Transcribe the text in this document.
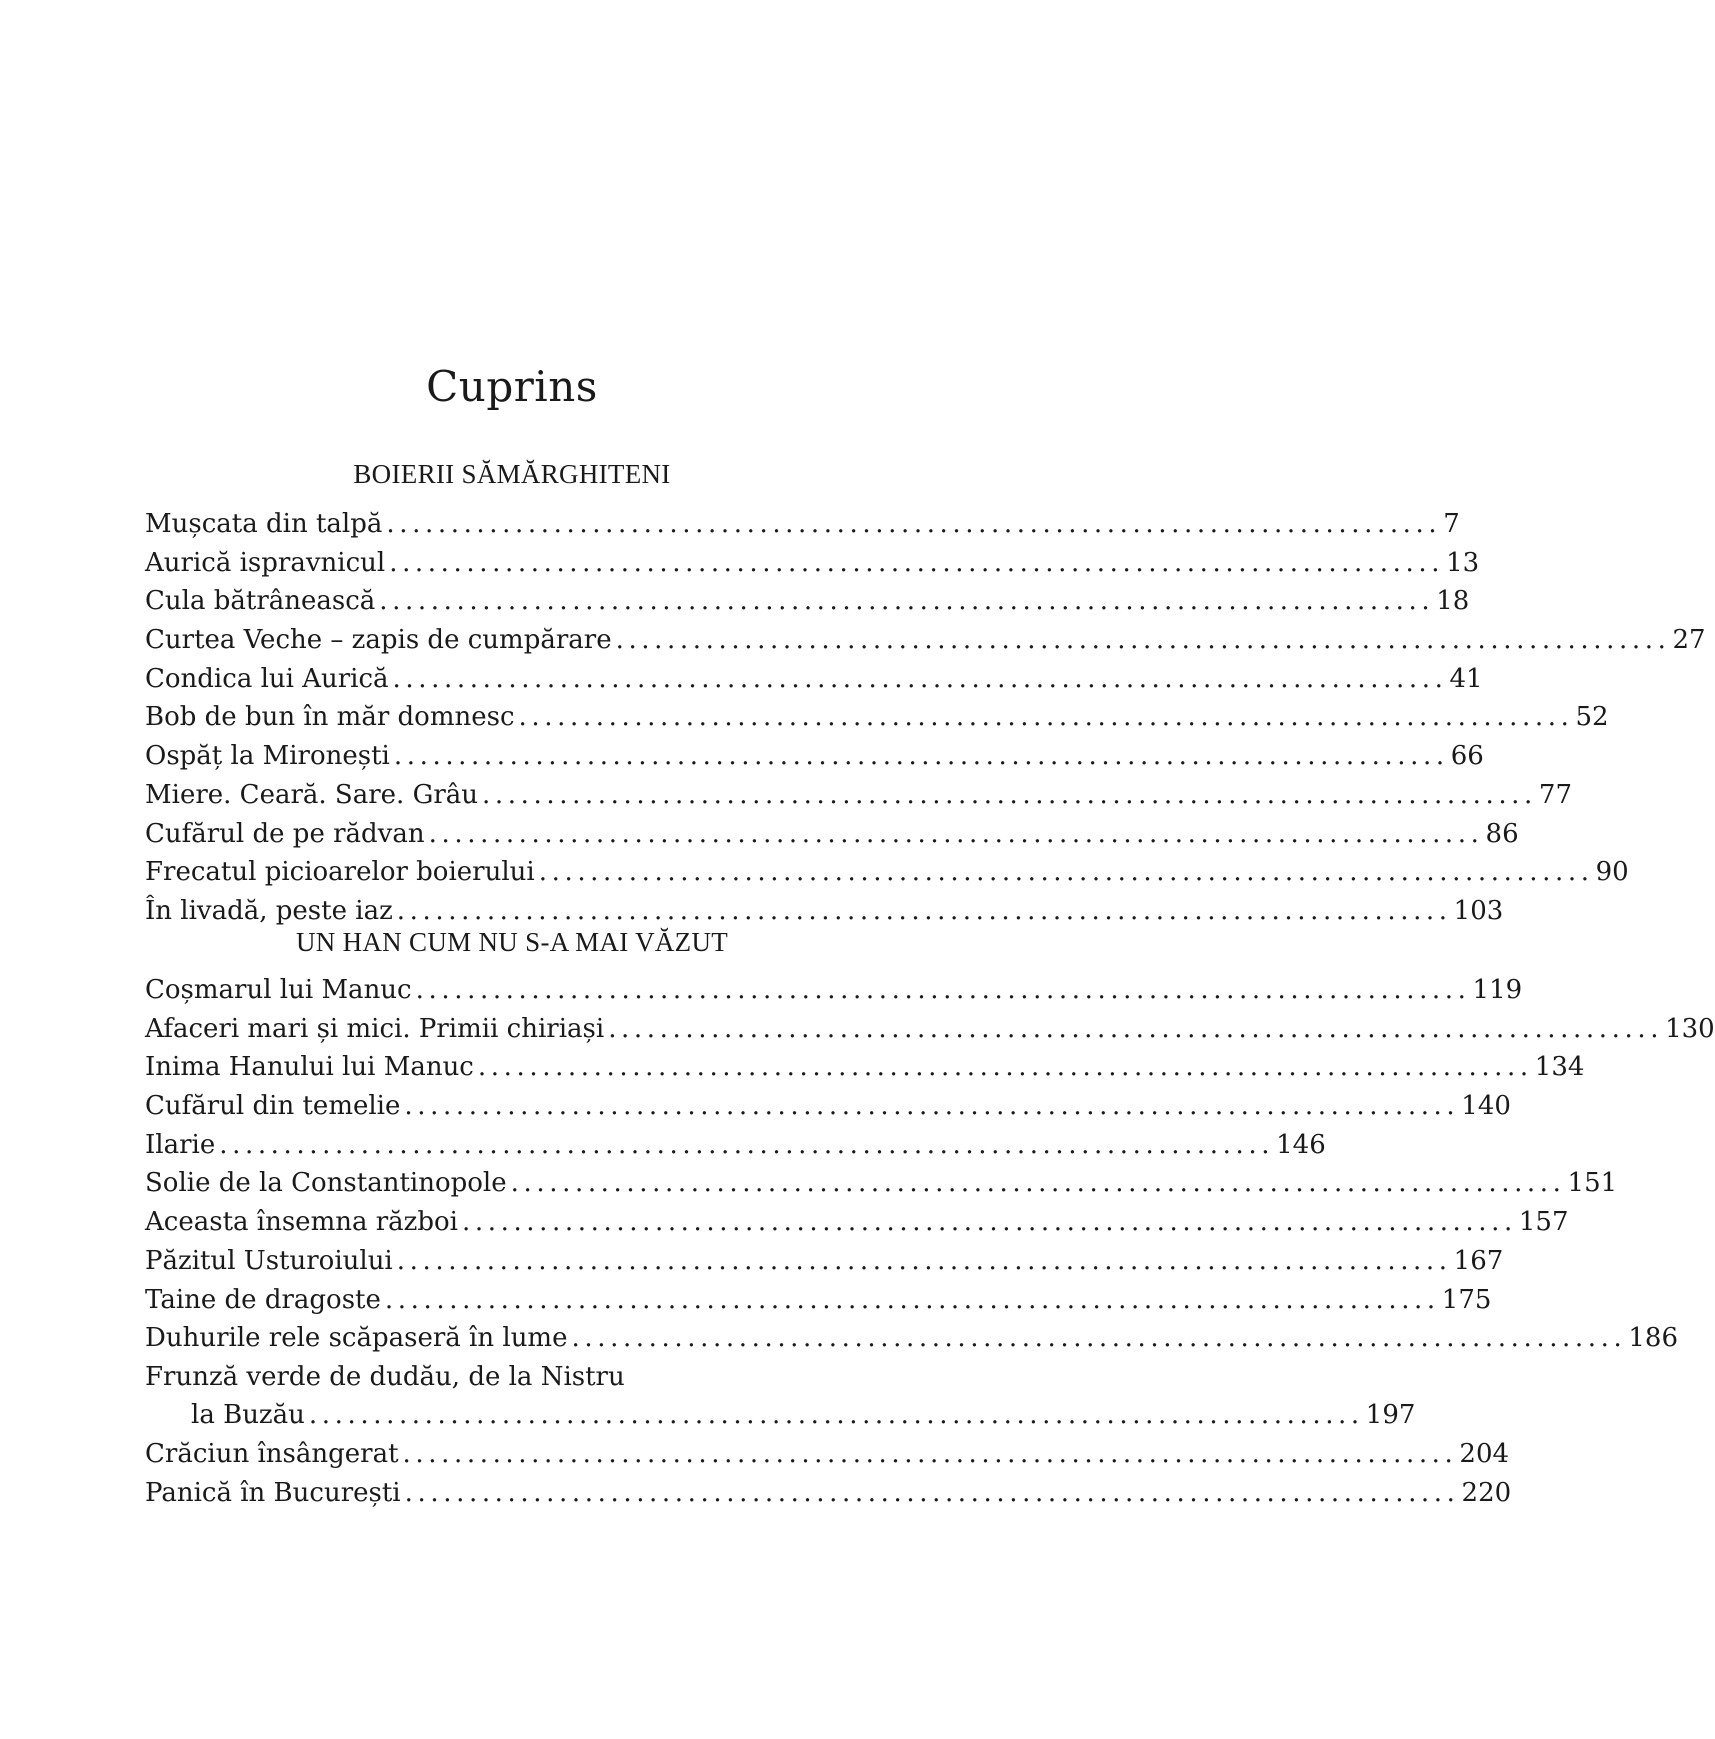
Cuprins
BOIERII SĂMĂRGHITENI
Mușcata din talpă .................................................................................. 7
Aurică ispravnicul .................................................................................. 13
Cula bătrânească .................................................................................. 18
Curtea Veche – zapis de cumpărare .................................................................................. 27
Condica lui Aurică .................................................................................. 41
Bob de bun în măr domnesc .................................................................................. 52
Ospăț la Mironești .................................................................................. 66
Miere. Ceară. Sare. Grâu .................................................................................. 77
Cufărul de pe rădvan .................................................................................. 86
Frecatul picioarelor boierului .................................................................................. 90
În livadă, peste iaz .................................................................................. 103
UN HAN CUM NU S-A MAI VĂZUT
Coșmarul lui Manuc .................................................................................. 119
Afaceri mari și mici. Primii chiriași .................................................................................. 130
Inima Hanului lui Manuc .................................................................................. 134
Cufărul din temelie .................................................................................. 140
Ilarie .................................................................................. 146
Solie de la Constantinopole .................................................................................. 151
Aceasta însemna război .................................................................................. 157
Păzitul Usturoiului .................................................................................. 167
Taine de dragoste .................................................................................. 175
Duhurile rele scăpaseră în lume .................................................................................. 186
Frunză verde de dudău, de la Nistru
la Buzău .................................................................................. 197
Crăciun însângerat .................................................................................. 204
Panică în București .................................................................................. 220
